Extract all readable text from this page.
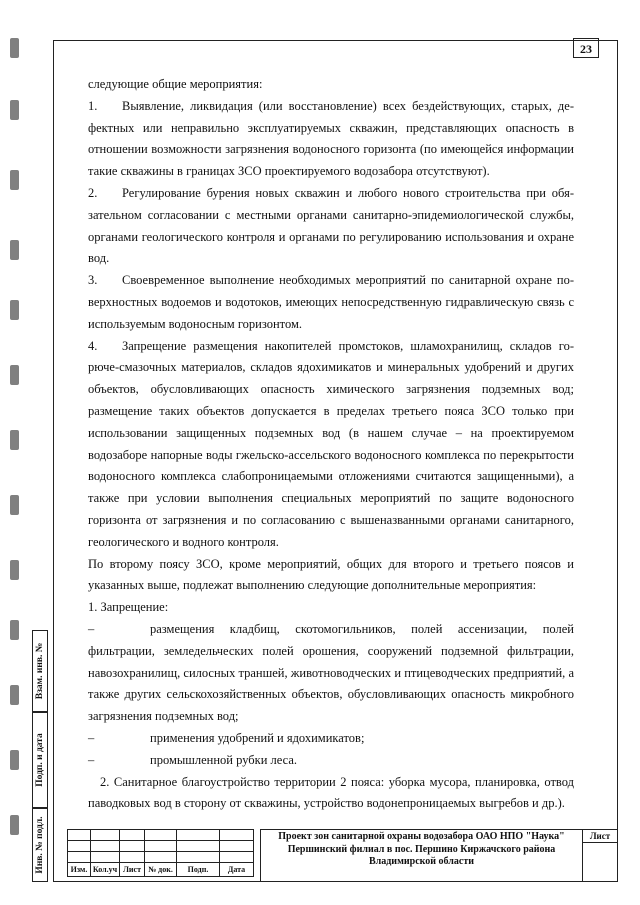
23

следующие общие мероприятия:

1. Выявление, ликвидация (или восстановление) всех бездействующих, старых, де- фектных или неправильно эксплуатируемых скважин, представляющих опасность в отношении возможности загрязнения водоносного горизонта (по имеющейся информации такие скважины в границах ЗСО проектируемого водозабора отсутствуют).

2. Регулирование бурения новых скважин и любого нового строительства при обя- зательном согласовании с местными органами санитарно-эпидемиологической службы, органами геологического контроля и органами по регулированию использования и охране вод.

3. Своевременное выполнение необходимых мероприятий по санитарной охране по- верхностных водоемов и водотоков, имеющих непосредственную гидравлическую связь с используемым водоносным горизонтом.

4. Запрещение размещения накопителей промстоков, шламохранилищ, складов го- рюче-смазочных материалов, складов ядохимикатов и минеральных удобрений и других объектов, обусловливающих опасность химического загрязнения подземных вод; размещение таких объектов допускается в пределах третьего пояса ЗСО только при использовании защищенных подземных вод (в нашем случае – на проектируемом водозаборе напорные воды гжельско-ассельского водоносного комплекса по перекрытости водоносного комплекса слабопроницаемыми отложениями считаются защищенными), а также при условии выполнения специальных мероприятий по защите водоносного горизонта от загрязнения и по согласованию с вышеназванными органами санитарного, геологического и водного контроля.

По второму поясу ЗСО, кроме мероприятий, общих для второго и третьего поясов и указанных выше, подлежат выполнению следующие дополнительные мероприятия:

1. Запрещение:

–	размещения кладбищ, скотомогильников, полей ассенизации, полей фильтрации, земледельческих полей орошения, сооружений подземной фильтрации, навозохранилищ, силосных траншей, животноводческих и птицеводческих предприятий, а также других сельскохозяйственных объектов, обусловливающих опасность микробного загрязнения подземных вод;

–	применения удобрений и ядохимикатов;

–	промышленной рубки леса.

2. Санитарное благоустройство территории 2 пояса: уборка мусора, планировка, отвод паводковых вод в сторону от скважины, устройство водонепроницаемых выгребов и др.).

Взам. инв. №
Подп. и дата
Инв. № подл.

						Изм.	Кол.уч	Лист	№ док.	Подп.	Дата
Проект зон санитарной охраны водозабора ОАО НПО "Наука"
Першинский филиал в пос. Першино Киржачского района
Владимирской области
Лист
